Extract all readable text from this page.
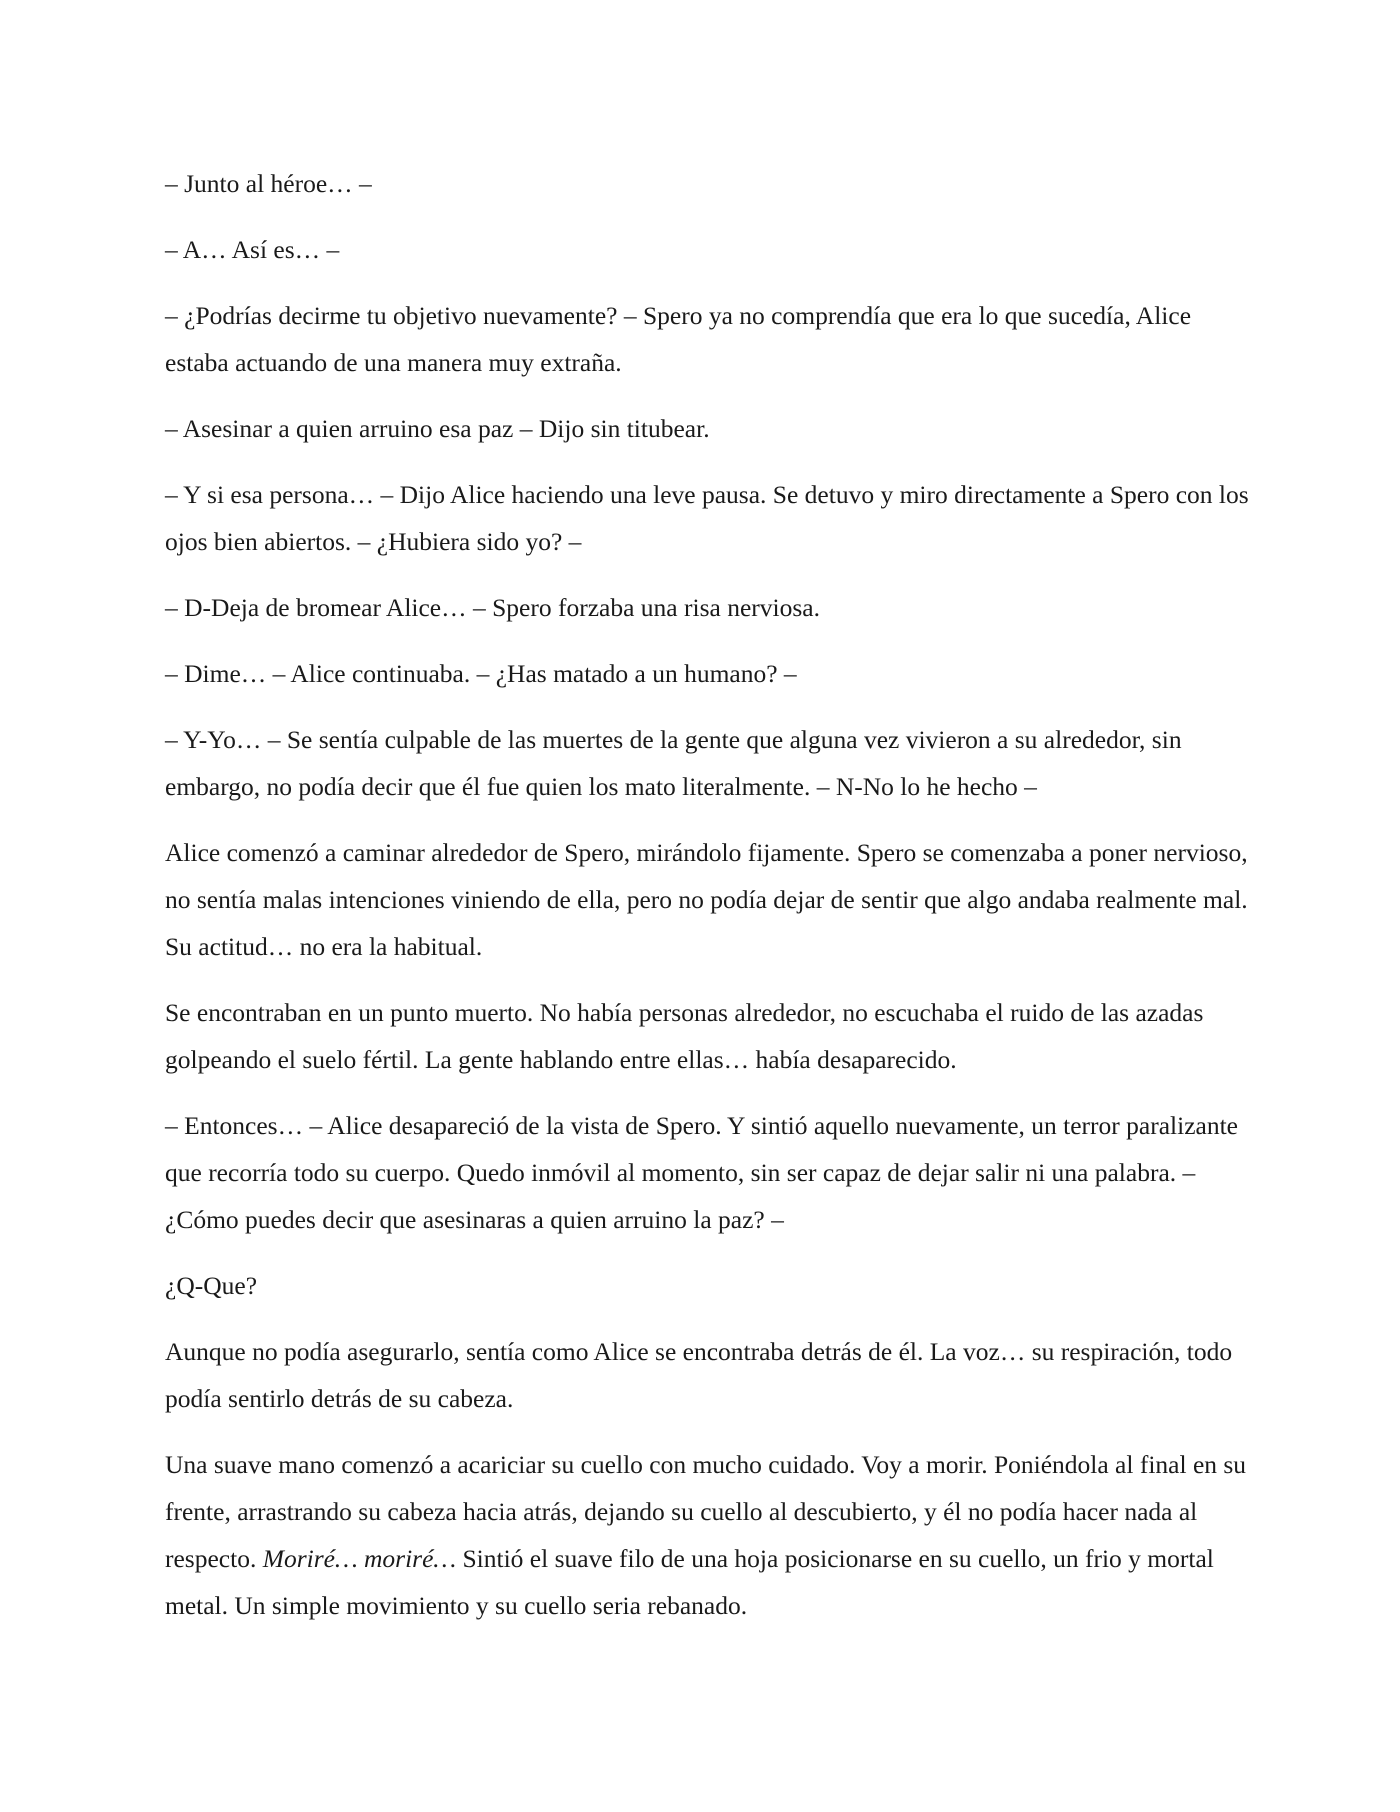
– Junto al héroe… –

– A… Así es… –

– ¿Podrías decirme tu objetivo nuevamente? – Spero ya no comprendía que era lo que sucedía, Alice estaba actuando de una manera muy extraña.

– Asesinar a quien arruino esa paz – Dijo sin titubear.

– Y si esa persona… – Dijo Alice haciendo una leve pausa. Se detuvo y miro directamente a Spero con los ojos bien abiertos. – ¿Hubiera sido yo? –

– D-Deja de bromear Alice… – Spero forzaba una risa nerviosa.

– Dime… – Alice continuaba. – ¿Has matado a un humano? –

– Y-Yo… – Se sentía culpable de las muertes de la gente que alguna vez vivieron a su alrededor, sin embargo, no podía decir que él fue quien los mato literalmente. – N-No lo he hecho –

Alice comenzó a caminar alrededor de Spero, mirándolo fijamente. Spero se comenzaba a poner nervioso, no sentía malas intenciones viniendo de ella, pero no podía dejar de sentir que algo andaba realmente mal. Su actitud… no era la habitual.

Se encontraban en un punto muerto. No había personas alrededor, no escuchaba el ruido de las azadas golpeando el suelo fértil. La gente hablando entre ellas… había desaparecido.

– Entonces… – Alice desapareció de la vista de Spero. Y sintió aquello nuevamente, un terror paralizante que recorría todo su cuerpo. Quedo inmóvil al momento, sin ser capaz de dejar salir ni una palabra. – ¿Cómo puedes decir que asesinaras a quien arruino la paz? –

¿Q-Que?

Aunque no podía asegurarlo, sentía como Alice se encontraba detrás de él. La voz… su respiración, todo podía sentirlo detrás de su cabeza.

Una suave mano comenzó a acariciar su cuello con mucho cuidado. Voy a morir. Poniéndola al final en su frente, arrastrando su cabeza hacia atrás, dejando su cuello al descubierto, y él no podía hacer nada al respecto. Moriré… moriré… Sintió el suave filo de una hoja posicionarse en su cuello, un frio y mortal metal. Un simple movimiento y su cuello seria rebanado.
